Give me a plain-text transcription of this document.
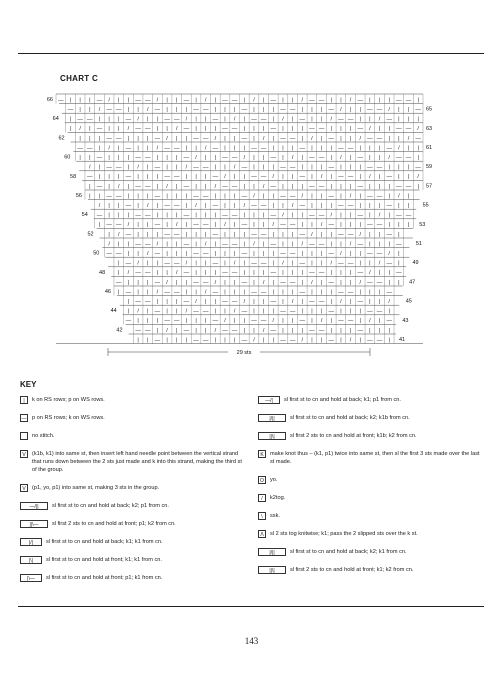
CHART C
— | | | — / | | — — / | | — | / | — — | / | — | | / — — | | / — | | | — — |
— | | / — — | | / — | | | — — | | | — | | | — — | | | — / | | — — / | | —
| — — | | | — / | | — — / | | — | / | — — | / | — | | / — — | | / — | | |
| / | — | | / — — | | / — | | | — — | | | — | | | — — | | | — / | | — — /
| | | — — | | | — / | | — — / | | — | / | — — | / | — | | / — — | | / —
— — | / | — | | / — — | | / — | | | — — | | | — | | | — — | | | — / | |
| | — | | | — — | | | — / | | — — / | | — | / | — — | / | — | | / — — |
/ | — — | / | — | | / — — | | / — | | | — — | | | — | | | — — | | | —
— | | | — | | | — — | | | — / | | — — / | | — | / | — — | / | — | | /
| — | / | — — | / | — | | / — — | | / — | | | — — | | | — | | | — — |
| | — — | | | — | | | — — | | | — / | | — — / | | — | / | — — | / |
/ | | — | / | — — | / | — | | / — — | | / — | | | — — | | | — | |
— | | | — — | | | — | | | — — | | | — / | | — — / | | — | / | — —
| — — / | | — | / | — — | / | — | | / — — | | / — | | | — — | | |
| / — | | | — — | | | — | | | — — | | | — / | | — — / | | — |
/ | | — — / | | — | / | — — | / | — | | / — — | | / — | | | —
— — | | / — | | | — — | | | — | | | — — | | | — / | | — — / |
| — / | | — — / | | — | / | — — | / | — | | / — — | | / — |
| / — — | | / — | | | — — | | | — | | | — — | | | — / | | —
— | | | — / | | — — / | | — | / | — — | / | — | | / — — | |
| — | | / — — | | / — | | | — — | | | — | | | — — | | | —
| — — | | | — / | | — — / | | — | / | — — | / | — | | /
| / | — | | / — — | | / — | | | — — | | | — | | | — — |
— | | | — — | | | — / | | — — / | | — | / | — — | / | —
— — | / | — | | / — — | | / — | | | — — | | | — | | |
| | — | | | — — | | | — / | | — — / | | — | / | — — |
66
64
62
60
58
56
54
52
50
48
46
44
42
65
63
61
59
57
55
53
51
49
47
45
43
41
29 sts
KEY
143
|	k on RS rows; p on WS rows.
— p on RS rows; k on WS rows.
no stitch.
V	(k1b, k1) into same st, then insert left hand needle point between the vertical strand that runs down between the 2 sts just made and k into this strand, making the third st of the group.
V	(p1, yo, p1) into same st, making 3 sts in the group.
—/||	sl first st to cn and hold at back; k2; p1 from cn.
||\—	sl first 2 sts to cn and hold at front; p1; k2 from cn.
|/|	sl first st to cn and hold at back; k1; k1 from cn.
|\|	sl first st to cn and hold at front; k1; k1 from cn.
|\—	sl first st to cn and hold at front; p1; k1 from cn.
—/|	sl first st to cn and hold at back; k1; p1 from cn.
|/||	sl first st to cn and hold at back; k2; k1b from cn.
||\|	sl first 2 sts to cn and hold at front; k1b; k2 from cn.
K	make knot thus – (k1, p1) twice into same st, then sl the first 3 sts made over the last st made.
O	yo.
/	k2tog.
\	ssk.
Λ	sl 2 sts tog knitwise; k1; pass the 2 slipped sts over the k st.
|/||	sl first st to cn and hold at back; k2; k1 from cn.
||\|	sl first 2 sts to cn and hold at front; k1; k2 from cn.
